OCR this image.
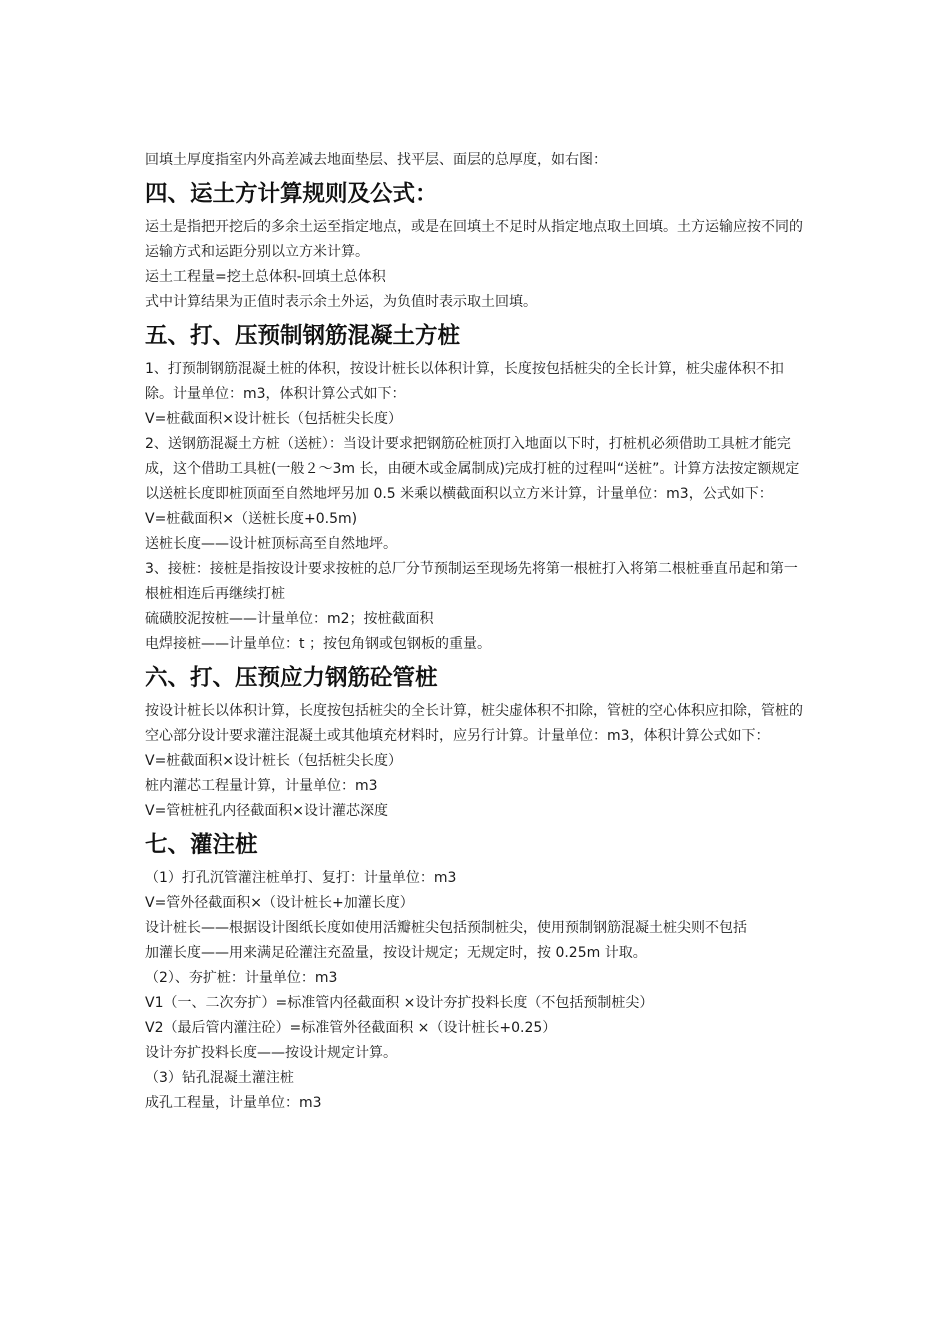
回填土厚度指室内外高差减去地面垫层、找平层、面层的总厚度，如右图：

四、运土方计算规则及公式：

运土是指把开挖后的多余土运至指定地点，或是在回填土不足时从指定地点取土回填。土方运输应按不同的运输方式和运距分别以立方米计算。

运土工程量=挖土总体积-回填土总体积

式中计算结果为正值时表示余土外运，为负值时表示取土回填。

五、打、压预制钢筋混凝土方桩

1、打预制钢筋混凝土桩的体积，按设计桩长以体积计算，长度按包括桩尖的全长计算，桩尖虚体积不扣除。计量单位：m3，体积计算公式如下：

V=桩截面积×设计桩长（包括桩尖长度）

2、送钢筋混凝土方桩（送桩）：当设计要求把钢筋砼桩顶打入地面以下时，打桩机必须借助工具桩才能完成，这个借助工具桩(一般２～3m 长，由硬木或金属制成)完成打桩的过程叫“送桩”。计算方法按定额规定以送桩长度即桩顶面至自然地坪另加 0.5 米乘以横截面积以立方米计算，计量单位：m3，公式如下：

V=桩截面积×（送桩长度+0.5m)

送桩长度——设计桩顶标高至自然地坪。

3、接桩：接桩是指按设计要求按桩的总厂分节预制运至现场先将第一根桩打入将第二根桩垂直吊起和第一根桩相连后再继续打桩

硫磺胶泥按桩——计量单位：m2；按桩截面积

电焊接桩——计量单位：t ；按包角钢或包钢板的重量。

六、打、压预应力钢筋砼管桩

按设计桩长以体积计算，长度按包括桩尖的全长计算，桩尖虚体积不扣除，管桩的空心体积应扣除，管桩的空心部分设计要求灌注混凝土或其他填充材料时，应另行计算。计量单位：m3，体积计算公式如下：

V=桩截面积×设计桩长（包括桩尖长度）

桩内灌芯工程量计算，计量单位：m3

V=管桩桩孔内径截面积×设计灌芯深度

七、灌注桩

（1）打孔沉管灌注桩单打、复打：计量单位：m3

V=管外径截面积×（设计桩长+加灌长度）

设计桩长——根据设计图纸长度如使用活瓣桩尖包括预制桩尖，使用预制钢筋混凝土桩尖则不包括

加灌长度——用来满足砼灌注充盈量，按设计规定；无规定时，按 0.25m 计取。

（2）、夯扩桩：计量单位：m3

V1（一、二次夯扩）=标准管内径截面积 ×设计夯扩投料长度（不包括预制桩尖）

V2（最后管内灌注砼）=标准管外径截面积 ×（设计桩长+0.25）

设计夯扩投料长度——按设计规定计算。

（3）钻孔混凝土灌注桩

成孔工程量，计量单位：m3
